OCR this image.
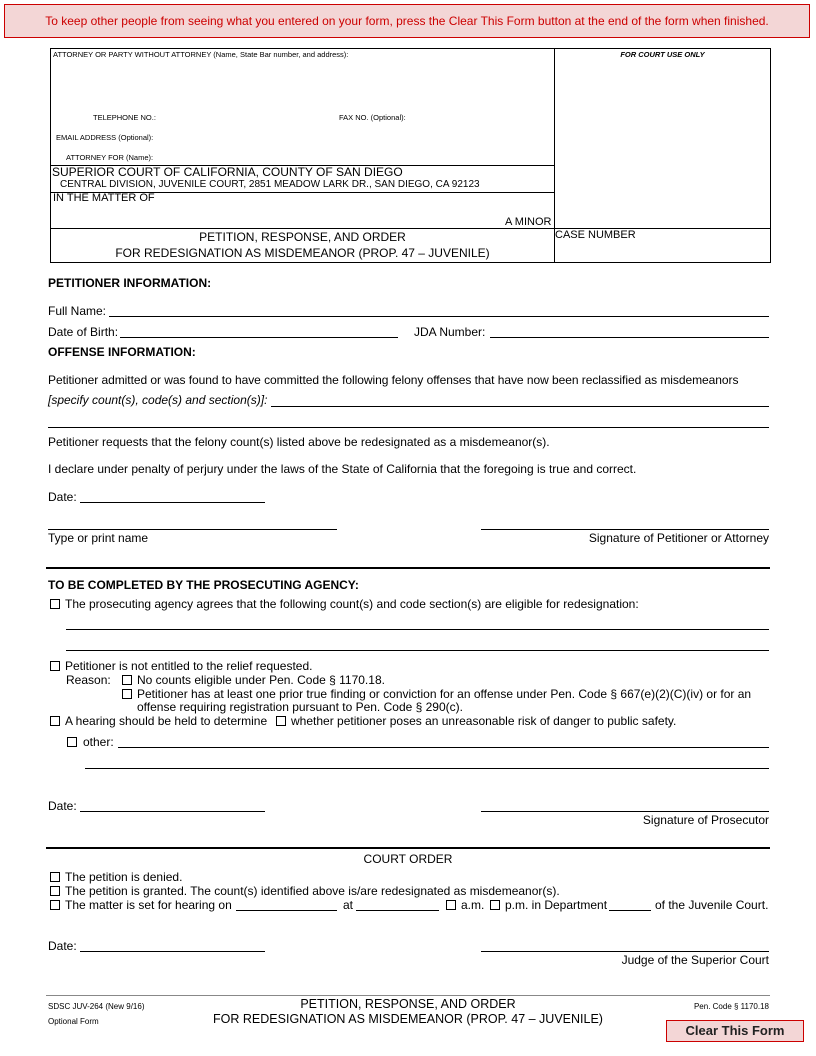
To keep other people from seeing what you entered on your form, press the Clear This Form button at the end of the form when finished.
ATTORNEY OR PARTY WITHOUT ATTORNEY (Name, State Bar number, and address):	FOR COURT USE ONLY
TELEPHONE NO.:	FAX NO. (Optional):
EMAIL ADDRESS (Optional):
ATTORNEY FOR (Name):
SUPERIOR COURT OF CALIFORNIA, COUNTY OF SAN DIEGO
CENTRAL DIVISION, JUVENILE COURT, 2851 MEADOW LARK DR., SAN DIEGO, CA 92123
IN THE MATTER OF
A MINOR
PETITION, RESPONSE, AND ORDER
FOR REDESIGNATION AS MISDEMEANOR (PROP. 47 – JUVENILE)
CASE NUMBER
PETITIONER INFORMATION:
Full Name:
Date of Birth:	JDA Number:
OFFENSE INFORMATION:
Petitioner admitted or was found to have committed the following felony offenses that have now been reclassified as misdemeanors
[specify count(s), code(s) and section(s)]:
Petitioner requests that the felony count(s) listed above be redesignated as a misdemeanor(s).
I declare under penalty of perjury under the laws of the State of California that the foregoing is true and correct.
Date:
Type or print name	Signature of Petitioner or Attorney
TO BE COMPLETED BY THE PROSECUTING AGENCY:
The prosecuting agency agrees that the following count(s) and code section(s) are eligible for redesignation:
Petitioner is not entitled to the relief requested.
Reason: No counts eligible under Pen. Code § 1170.18.
Petitioner has at least one prior true finding or conviction for an offense under Pen. Code § 667(e)(2)(C)(iv) or for an
offense requiring registration pursuant to Pen. Code § 290(c).
A hearing should be held to determine whether petitioner poses an unreasonable risk of danger to public safety.
other:
Date:
Signature of Prosecutor
COURT ORDER
The petition is denied.
The petition is granted. The count(s) identified above is/are redesignated as misdemeanor(s).
The matter is set for hearing on	at	a.m. p.m. in Department	of the Juvenile Court.
Date:
Judge of the Superior Court
SDSC JUV-264 (New 9/16)
Optional Form
PETITION, RESPONSE, AND ORDER
FOR REDESIGNATION AS MISDEMEANOR (PROP. 47 – JUVENILE)
Pen. Code § 1170.18
Clear This Form
